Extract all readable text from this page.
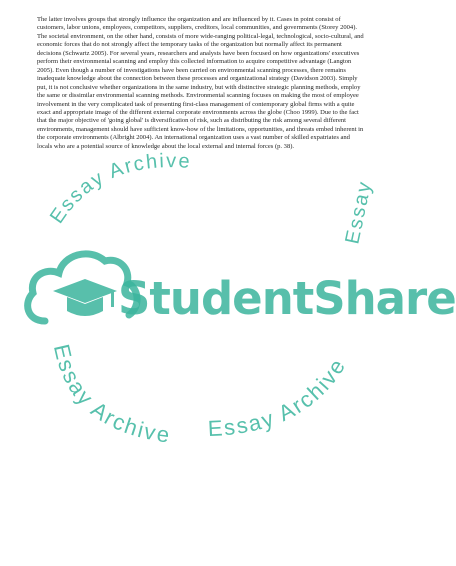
Essay Archive
Essay
StudentShare
Essay Archive Essay Archive

The latter involves groups that strongly influence the organization and are influenced by it. Cases in point consist of customers, labor unions, employees, competitors, suppliers, creditors, local communities, and governments (Storey 2004). The societal environment, on the other hand, consists of more wide-ranging political-legal, technological, socio-cultural, and economic forces that do not strongly affect the temporary tasks of the organization but normally affect its permanent decisions (Schwartz 2005). For several years, researchers and analysts have been focused on how organizations' executives perform their environmental scanning and employ this collected information to acquire competitive advantage (Langton 2005). Even though a number of investigations have been carried on environmental scanning processes, there remains inadequate knowledge about the connection between these processes and organizational strategy (Davidson 2003). Simply put, it is not conclusive whether organizations in the same industry, but with distinctive strategic planning methods, employ the same or dissimilar environmental scanning methods. Environmental scanning focuses on making the most of employee involvement in the very complicated task of presenting first-class management of contemporary global firms with a quite exact and appropriate image of the different external corporate environments across the globe (Choo 1999). Due to the fact that the major objective of 'going global' is diversification of risk, such as distributing the risk among several different environments, management should have sufficient know-how of the limitations, opportunities, and threats embed inherent in the corporate environments (Albright 2004). An international organization uses a vast number of skilled expatriates and locals who are a potential source of knowledge about the local external and internal forces (p. 38).
